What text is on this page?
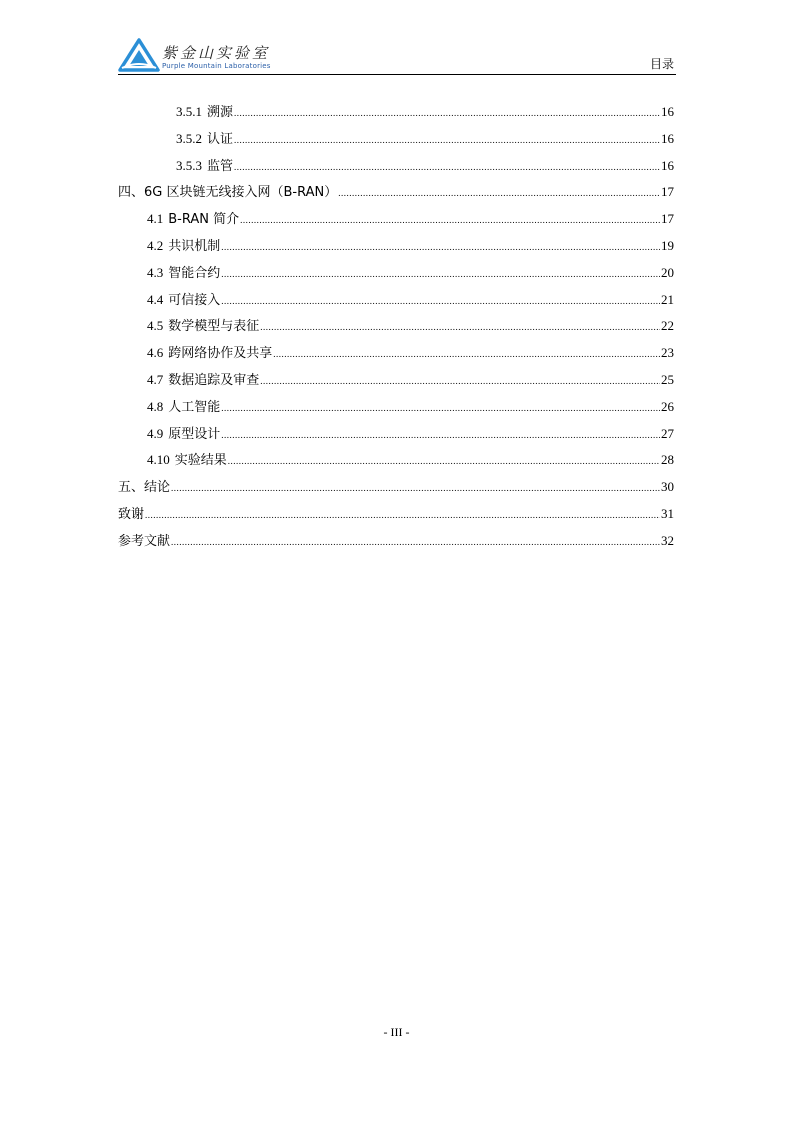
紫金山实验室
Purple Mountain Laboratories	目录
3.5.1 溯源 .....	16
3.5.2 认证 .....	16
3.5.3 监管 .....	16
四、6G 区块链无线接入网（B-RAN） .....	17
4.1 B-RAN 简介 .....	17
4.2 共识机制 .....	19
4.3 智能合约 .....	20
4.4 可信接入 .....	21
4.5 数学模型与表征 .....	22
4.6 跨网络协作及共享 .....	23
4.7 数据追踪及审查 .....	25
4.8 人工智能 .....	26
4.9 原型设计 .....	27
4.10 实验结果 .....	28
五、结论 .....	30
致谢 .....	31
参考文献 .....	32
- III -
